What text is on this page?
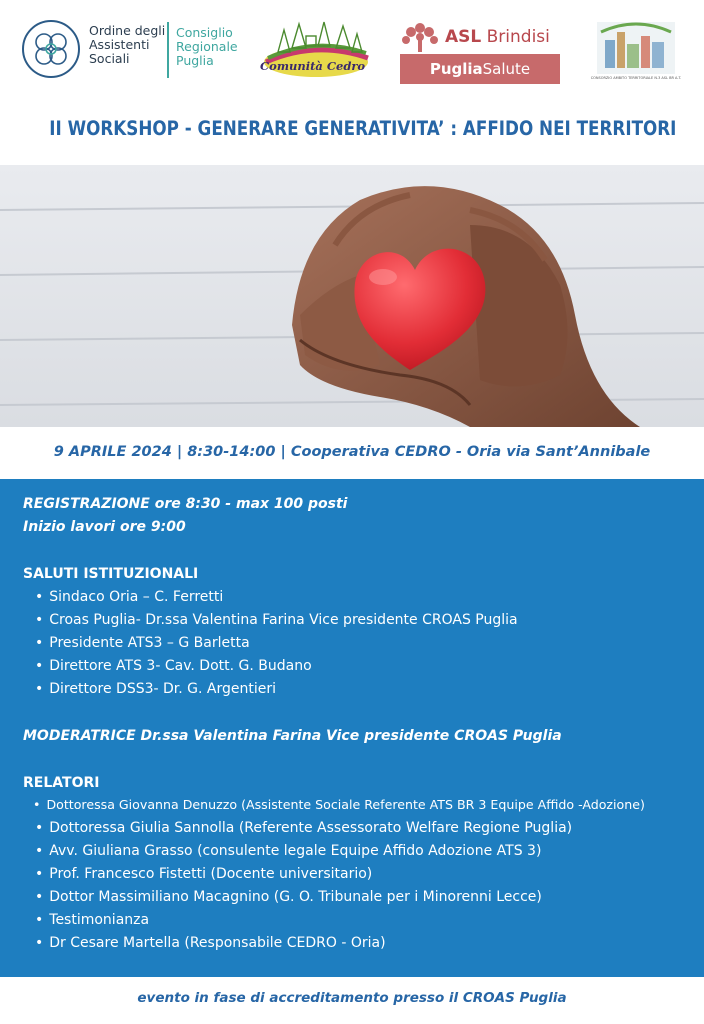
Ordine degli
Assistenti
Sociali
Consiglio
Regionale
Puglia	Comunità Cedro
ASL Brindisi
PugliaSalute	CONSORZIO AMBITO TERRITORIALE N.3 ASL BR A.T.
II WORKSHOP - GENERARE GENERATIVITA’ : AFFIDO NEI TERRITORI
9 APRILE 2024 | 8:30-14:00 | Cooperativa CEDRO - Oria via Sant’Annibale
REGISTRAZIONE ore 8:30 - max 100 posti
Inizio lavori ore 9:00
SALUTI ISTITUZIONALI
• Sindaco Oria – C. Ferretti
• Croas Puglia- Dr.ssa Valentina Farina Vice presidente CROAS Puglia
• Presidente ATS3 – G Barletta
• Direttore ATS 3- Cav. Dott. G. Budano
• Direttore DSS3- Dr. G. Argentieri
MODERATRICE Dr.ssa Valentina Farina Vice presidente CROAS Puglia
RELATORI
• Dottoressa Giovanna Denuzzo (Assistente Sociale Referente ATS BR 3 Equipe Affido -Adozione)
• Dottoressa Giulia Sannolla (Referente Assessorato Welfare Regione Puglia)
• Avv. Giuliana Grasso (consulente legale Equipe Affido Adozione ATS 3)
• Prof. Francesco Fistetti (Docente universitario)
• Dottor Massimiliano Macagnino (G. O. Tribunale per i Minorenni Lecce)
• Testimonianza
• Dr Cesare Martella (Responsabile CEDRO - Oria)
evento in fase di accreditamento presso il CROAS Puglia
